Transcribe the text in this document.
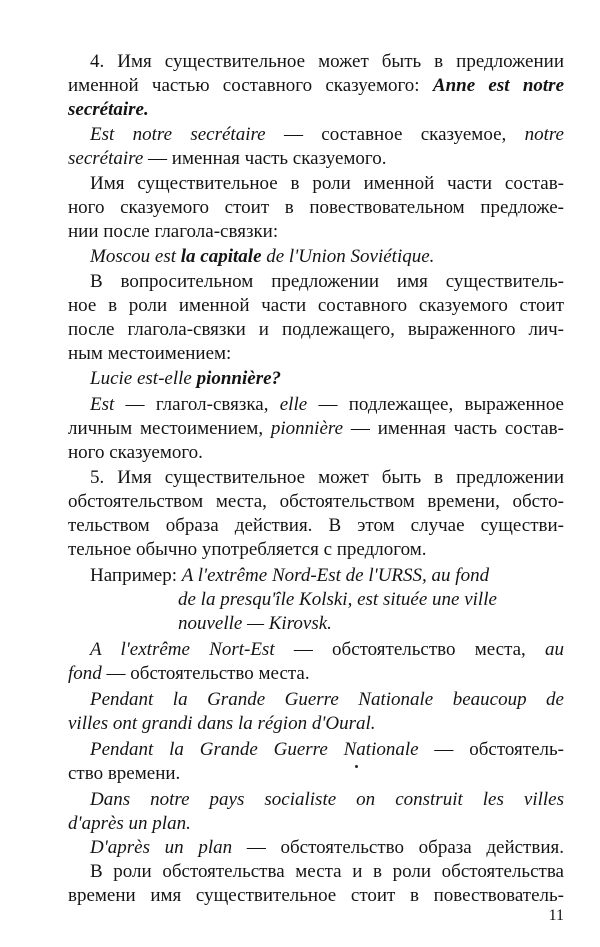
4. Имя существительное может быть в предложении
именной частью составного сказуемого: Anne est notre
secrétaire.
Est notre secrétaire — составное сказуемое, notre
secrétaire — именная часть сказуемого.
Имя существительное в роли именной части состав-
ного сказуемого стоит в повествовательном предложе-
нии после глагола-связки:
Moscou est la capitale de l'Union Soviétique.
В вопросительном предложении имя существитель-
ное в роли именной части составного сказуемого стоит
после глагола-связки и подлежащего, выраженного лич-
ным местоимением:
Lucie est-elle pionnière?
Est — глагол-связка, elle — подлежащее, выраженное
личным местоимением, pionnière — именная часть состав-
ного сказуемого.
5. Имя существительное может быть в предложении
обстоятельством места, обстоятельством времени, обсто-
тельством образа действия. В этом случае существи-
тельное обычно употребляется с предлогом.
Например: A l'extrême Nord-Est de l'URSS, au fond
de la presqu'île Kolski, est située une ville
nouvelle — Kirovsk.
A l'extrême Nort-Est — обстоятельство места, au
fond — обстоятельство места.
Pendant la Grande Guerre Nationale beaucoup de
villes ont grandi dans la région d'Oural.
Pendant la Grande Guerre Nationale — обстоятель-
ство времени.
Dans notre pays socialiste on construit les villes
d'après un plan.
D'après un plan — обстоятельство образа действия.
В роли обстоятельства места и в роли обстоятельства
времени имя существительное стоит в повествователь-
11
